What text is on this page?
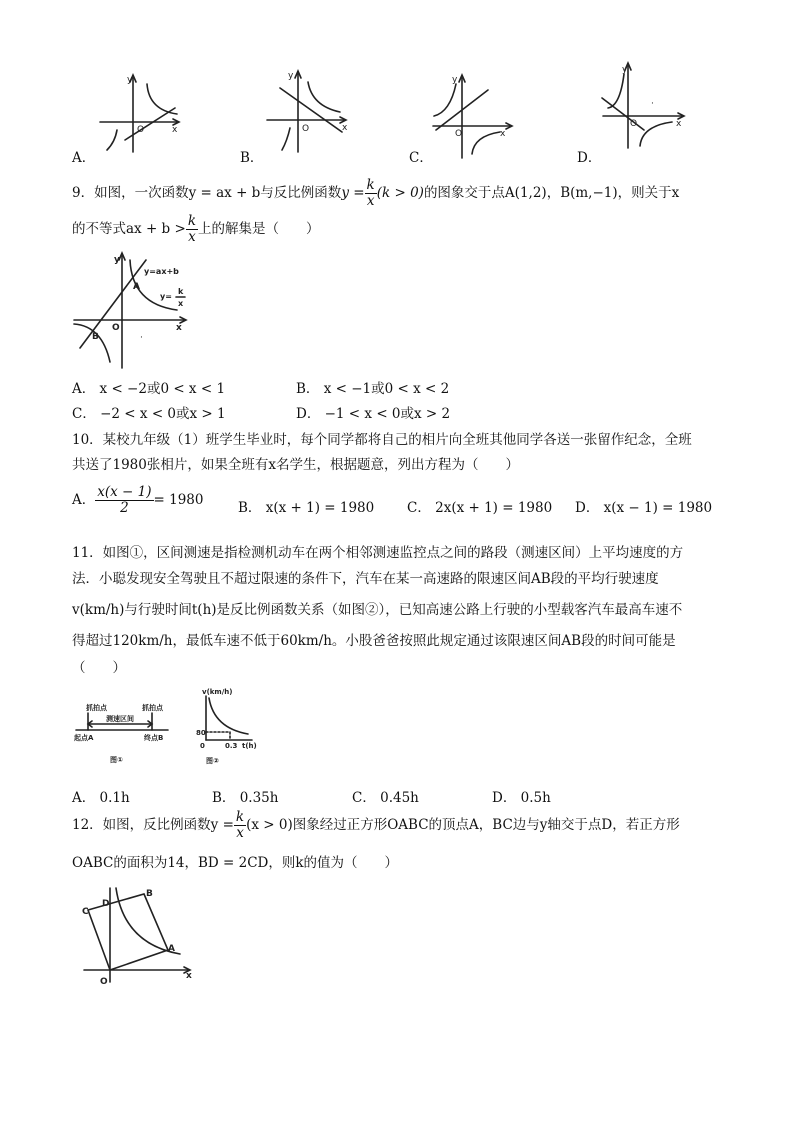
y
x
O
A．
y
x
O
B．
y
x
O
C．
y
x
O
·
D．
9．如图，一次函数y = ax + b与反比例函数$y = \frac{k}{x} (k > 0)$的图象交于点A(1,2)，B(m,−1)，则关于x
的不等式ax + $b > \frac{k}{x}$ 上的解集是（　　）
y
x
O
y=ax+b
y=
k
x
A
B	·
A． x < −2或0 < x < 1	B． x < −1或0 < x < 2
C． −2 < x < 0或x > 1	D． −1 < x < 0或x > 2
10．某校九年级（1）班学生毕业时，每个同学都将自己的相片向全班其他同学各送一张留作纪念，全班
共送了1980张相片，如果全班有x名学生，根据题意，列出方程为（　　）
A． $\frac{x(x - 1)}{2} = 1980$	B． x(x + 1) = 1980 C． 2x(x + 1) = 1980 D． x(x − 1) = 1980
11．如图①，区间测速是指检测机动车在两个相邻测速监控点之间的路段（测速区间）上平均速度的方
法．小聪发现安全驾驶且不超过限速的条件下，汽车在某一高速路的限速区间AB段的平均行驶速度
v(km/h)与行驶时间t(h)是反比例函数关系（如图②），已知高速公路上行驶的小型载客汽车最高车速不
得超过120km/h，最低车速不低于60km/h。小股爸爸按照此规定通过该限速区间AB段的时间可能是
（　　）
抓拍点	抓拍点
测速区间
起点A	终点B
图①
v(km/h)
80
0	0.3 t(h)
图②
A． 0.1h	B． 0.35h	C． 0.45h	D． 0.5h
12．如图，反比例函数$y = \frac{k}{x} (x > 0)$图象经过正方形OABC的顶点A，BC边与y轴交于点D，若正方形
OABC的面积为14，BD = 2CD，则k的值为（　　）
O
A
B
C
D
x
